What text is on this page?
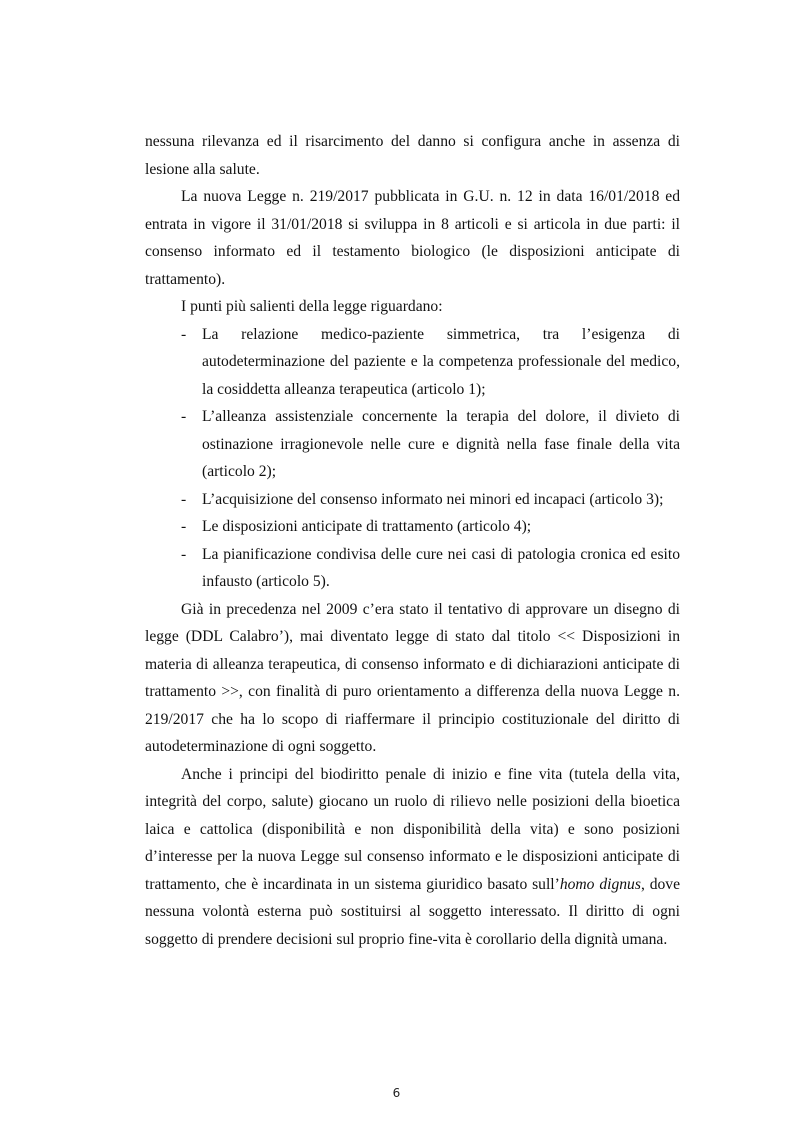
nessuna rilevanza ed il risarcimento del danno si configura anche in assenza di lesione alla salute.

La nuova Legge n. 219/2017 pubblicata in G.U. n. 12 in data 16/01/2018 ed entrata in vigore il 31/01/2018 si sviluppa in 8 articoli e si articola in due parti: il consenso informato ed il testamento biologico (le disposizioni anticipate di trattamento).

I punti più salienti della legge riguardano:

- La relazione medico-paziente simmetrica, tra l’esigenza di autodeterminazione del paziente e la competenza professionale del medico, la cosiddetta alleanza terapeutica (articolo 1);
- L’alleanza assistenziale concernente la terapia del dolore, il divieto di ostinazione irragionevole nelle cure e dignità nella fase finale della vita (articolo 2);
- L’acquisizione del consenso informato nei minori ed incapaci (articolo 3);
- Le disposizioni anticipate di trattamento (articolo 4);
- La pianificazione condivisa delle cure nei casi di patologia cronica ed esito infausto (articolo 5).

Già in precedenza nel 2009 c’era stato il tentativo di approvare un disegno di legge (DDL Calabro’), mai diventato legge di stato dal titolo << Disposizioni in materia di alleanza terapeutica, di consenso informato e di dichiarazioni anticipate di trattamento >>, con finalità di puro orientamento a differenza della nuova Legge n. 219/2017 che ha lo scopo di riaffermare il principio costituzionale del diritto di autodeterminazione di ogni soggetto.

Anche i principi del biodiritto penale di inizio e fine vita (tutela della vita, integrità del corpo, salute) giocano un ruolo di rilievo nelle posizioni della bioetica laica e cattolica (disponibilità e non disponibilità della vita) e sono posizioni d’interesse per la nuova Legge sul consenso informato e le disposizioni anticipate di trattamento, che è incardinata in un sistema giuridico basato sull’homo dignus, dove nessuna volontà esterna può sostituirsi al soggetto interessato. Il diritto di ogni soggetto di prendere decisioni sul proprio fine-vita è corollario della dignità umana.

6
